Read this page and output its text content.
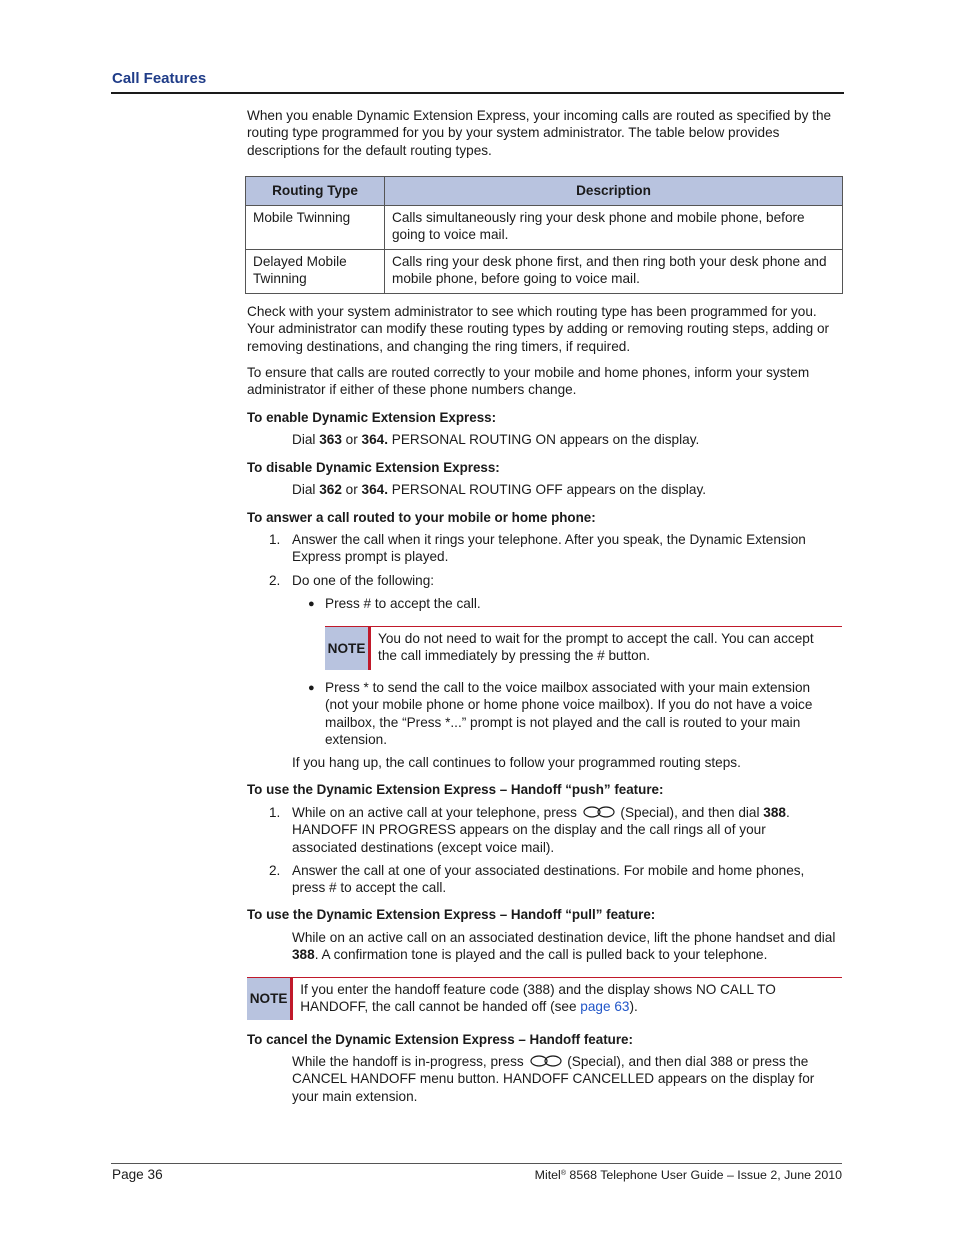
Call Features

When you enable Dynamic Extension Express, your incoming calls are routed as specified by the routing type programmed for you by your system administrator. The table below provides descriptions for the default routing types.

Routing Type	Description
Mobile Twinning	Calls simultaneously ring your desk phone and mobile phone, before going to voice mail.
Delayed Mobile Twinning	Calls ring your desk phone first, and then ring both your desk phone and mobile phone, before going to voice mail.

Check with your system administrator to see which routing type has been programmed for you. Your administrator can modify these routing types by adding or removing routing steps, adding or removing destinations, and changing the ring timers, if required.

To ensure that calls are routed correctly to your mobile and home phones, inform your system administrator if either of these phone numbers change.

To enable Dynamic Extension Express:

Dial 363 or 364. PERSONAL ROUTING ON appears on the display.

To disable Dynamic Extension Express:

Dial 362 or 364. PERSONAL ROUTING OFF appears on the display.

To answer a call routed to your mobile or home phone:
1. Answer the call when it rings your telephone. After you speak, the Dynamic Extension Express prompt is played.

2. Do one of the following:

● Press # to accept the call.

NOTE
You do not need to wait for the prompt to accept the call. You can accept the call immediately by pressing the # button.
● Press * to send the call to the voice mailbox associated with your main extension (not your mobile phone or home phone voice mailbox). If you do not have a voice mailbox, the “Press *...” prompt is not played and the call is routed to your main extension.

If you hang up, the call continues to follow your programmed routing steps.

To use the Dynamic Extension Express – Handoff “push” feature:
1. While on an active call at your telephone, press	(Special), and then dial 388. HANDOFF IN PROGRESS appears on the display and the call rings all of your associated destinations (except voice mail).

2. Answer the call at one of your associated destinations. For mobile and home phones, press # to accept the call.

To use the Dynamic Extension Express – Handoff “pull” feature:

While on an active call on an associated destination device, lift the phone handset and dial 388. A confirmation tone is played and the call is pulled back to your telephone.

NOTE
If you enter the handoff feature code (388) and the display shows NO CALL TO HANDOFF, the call cannot be handed off (see page 63).
To cancel the Dynamic Extension Express – Handoff feature:

While the handoff is in-progress, press	(Special), and then dial 388 or press the CANCEL HANDOFF menu button. HANDOFF CANCELLED appears on the display for your main extension.

Page 36	Mitel® 8568 Telephone User Guide – Issue 2, June 2010
